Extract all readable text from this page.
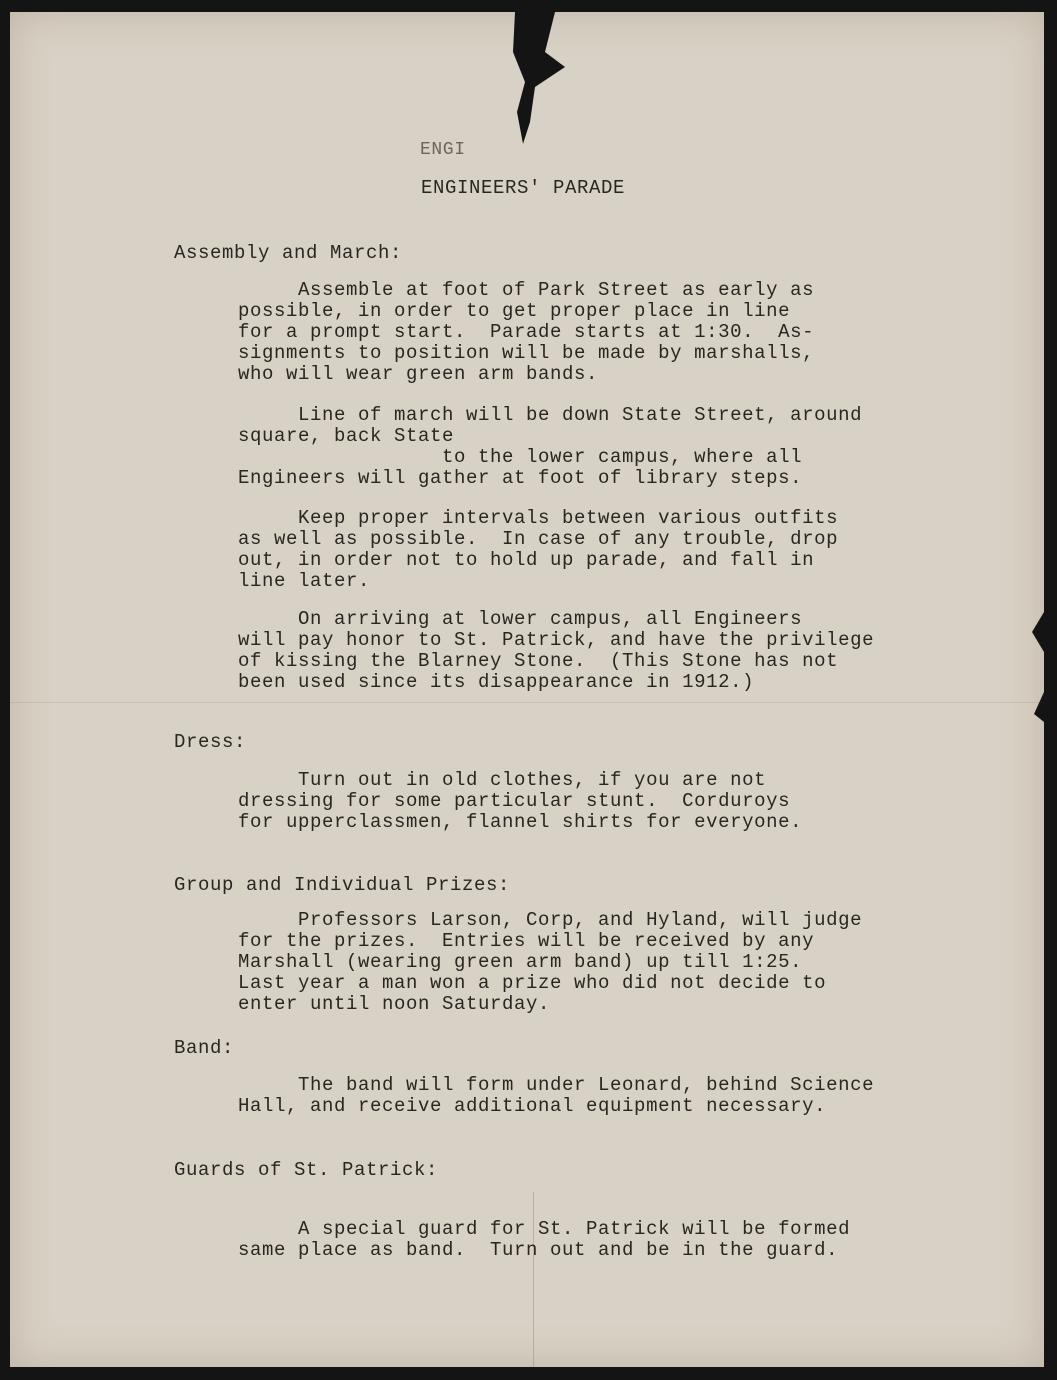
ENGI
ENGINEERS' PARADE
Assembly and March:
Assemble at foot of Park Street as early as
possible, in order to get proper place in line
for a prompt start.  Parade starts at 1:30.  As-
signments to position will be made by marshalls,
who will wear green arm bands.
Line of march will be down State Street, around
square, back State
to the lower campus, where all
Engineers will gather at foot of library steps.
Keep proper intervals between various outfits
as well as possible.  In case of any trouble, drop
out, in order not to hold up parade, and fall in
line later.
On arriving at lower campus, all Engineers
will pay honor to St. Patrick, and have the privilege
of kissing the Blarney Stone.  (This Stone has not
been used since its disappearance in 1912.)
Dress:
Turn out in old clothes, if you are not
dressing for some particular stunt.  Corduroys
for upperclassmen, flannel shirts for everyone.
Group and Individual Prizes:
Professors Larson, Corp, and Hyland, will judge
for the prizes.  Entries will be received by any
Marshall (wearing green arm band) up till 1:25.
Last year a man won a prize who did not decide to
enter until noon Saturday.
Band:
The band will form under Leonard, behind Science
Hall, and receive additional equipment necessary.
Guards of St. Patrick:
A special guard for St. Patrick will be formed
same place as band.  Turn out and be in the guard.
